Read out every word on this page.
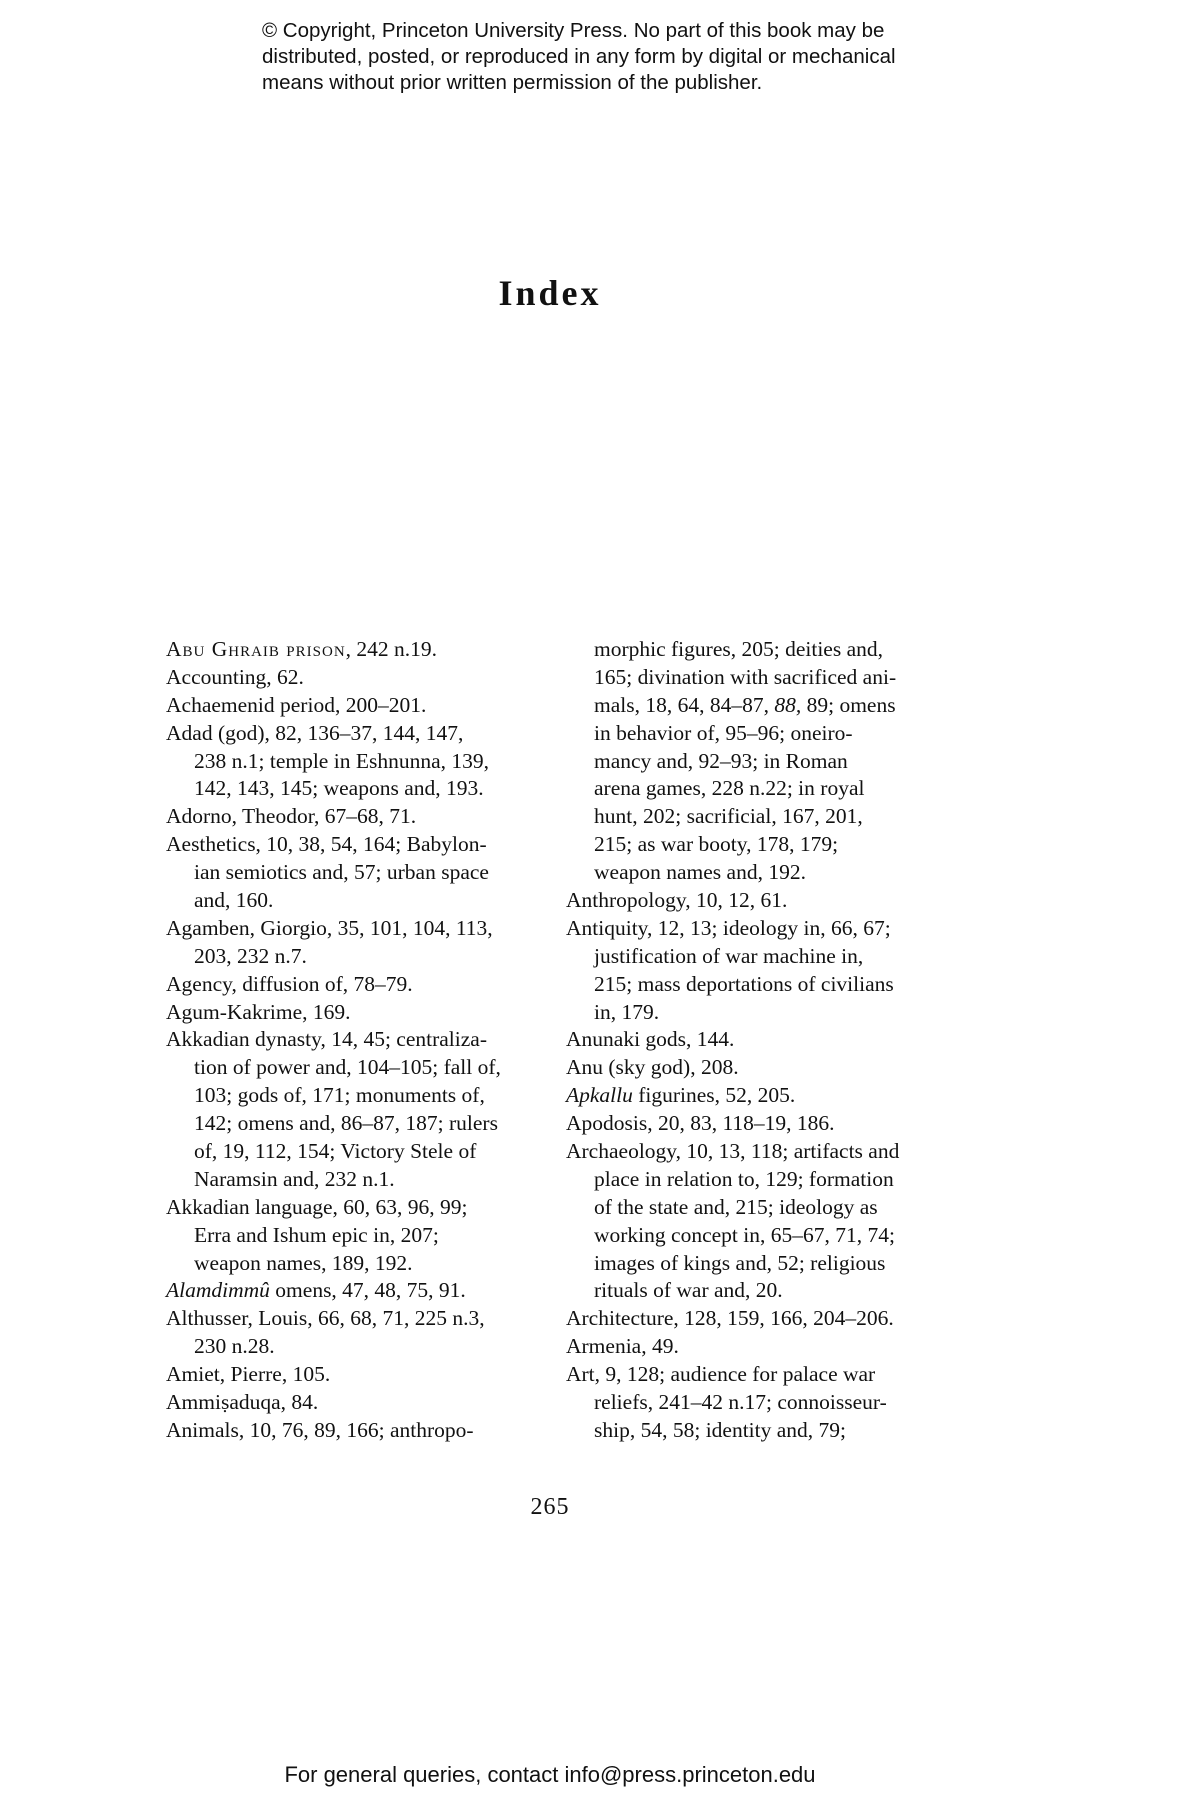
© Copyright, Princeton University Press. No part of this book may be
distributed, posted, or reproduced in any form by digital or mechanical
means without prior written permission of the publisher.
Index
Abu Ghraib prison, 242 n.19.
Accounting, 62.
Achaemenid period, 200–201.
Adad (god), 82, 136–37, 144, 147,
238 n.1; temple in Eshnunna, 139,
142, 143, 145; weapons and, 193.
Adorno, Theodor, 67–68, 71.
Aesthetics, 10, 38, 54, 164; Babylon-
ian semiotics and, 57; urban space
and, 160.
Agamben, Giorgio, 35, 101, 104, 113,
203, 232 n.7.
Agency, diffusion of, 78–79.
Agum-Kakrime, 169.
Akkadian dynasty, 14, 45; centraliza-
tion of power and, 104–105; fall of,
103; gods of, 171; monuments of,
142; omens and, 86–87, 187; rulers
of, 19, 112, 154; Victory Stele of
Naramsin and, 232 n.1.
Akkadian language, 60, 63, 96, 99;
Erra and Ishum epic in, 207;
weapon names, 189, 192.
Alamdimmû omens, 47, 48, 75, 91.
Althusser, Louis, 66, 68, 71, 225 n.3,
230 n.28.
Amiet, Pierre, 105.
Ammiṣaduqa, 84.
Animals, 10, 76, 89, 166; anthropo-
morphic figures, 205; deities and,
165; divination with sacrificed ani-
mals, 18, 64, 84–87, 88, 89; omens
in behavior of, 95–96; oneiro-
mancy and, 92–93; in Roman
arena games, 228 n.22; in royal
hunt, 202; sacrificial, 167, 201,
215; as war booty, 178, 179;
weapon names and, 192.
Anthropology, 10, 12, 61.
Antiquity, 12, 13; ideology in, 66, 67;
justification of war machine in,
215; mass deportations of civilians
in, 179.
Anunaki gods, 144.
Anu (sky god), 208.
Apkallu figurines, 52, 205.
Apodosis, 20, 83, 118–19, 186.
Archaeology, 10, 13, 118; artifacts and
place in relation to, 129; formation
of the state and, 215; ideology as
working concept in, 65–67, 71, 74;
images of kings and, 52; religious
rituals of war and, 20.
Architecture, 128, 159, 166, 204–206.
Armenia, 49.
Art, 9, 128; audience for palace war
reliefs, 241–42 n.17; connoisseur-
ship, 54, 58; identity and, 79;
265
For general queries, contact info@press.princeton.edu
